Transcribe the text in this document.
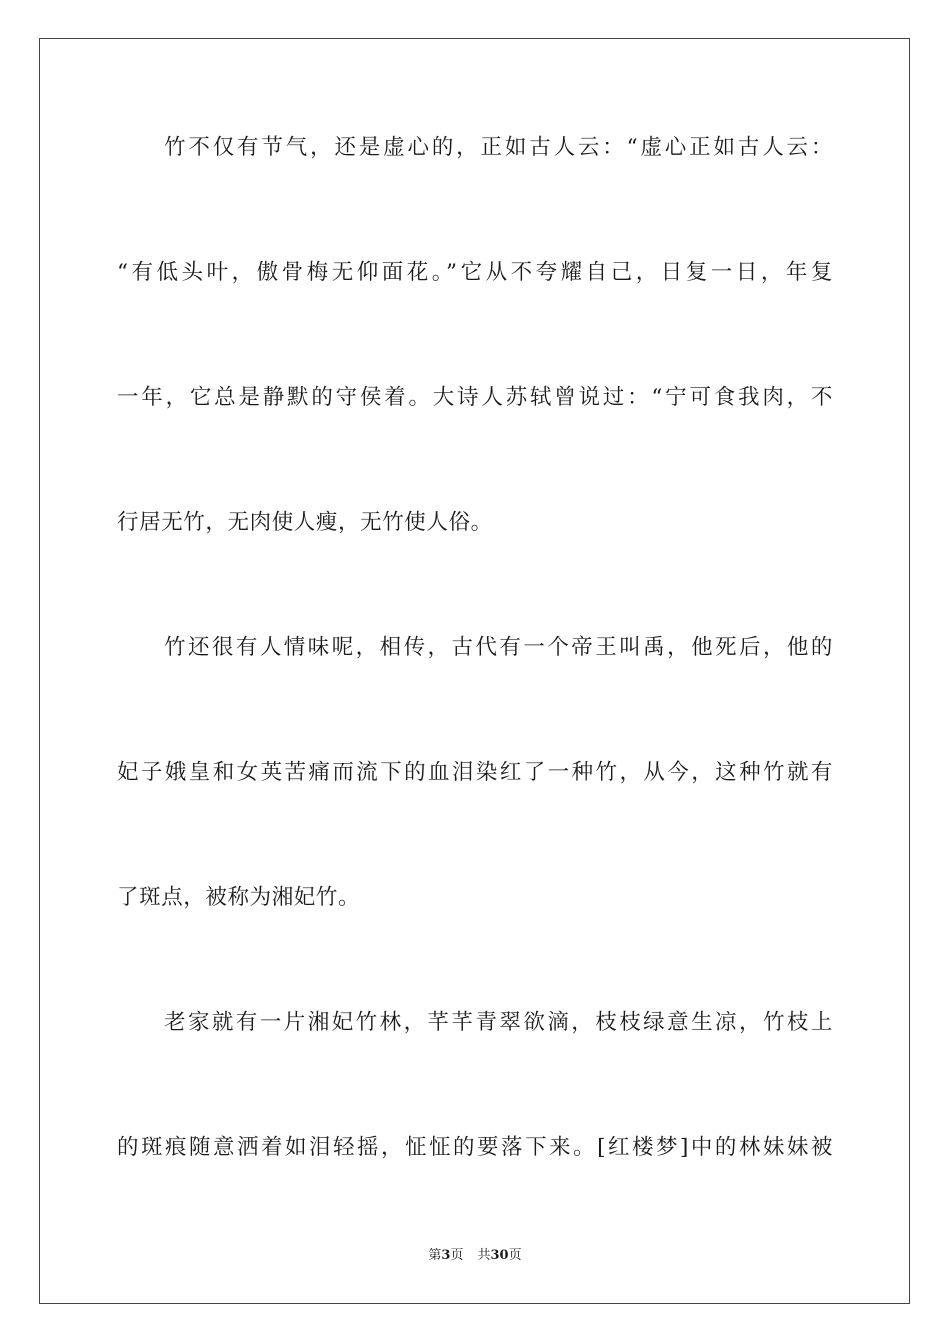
竹不仅有节气，还是虚心的，正如古人云：“虚心正如古人云：
“有低头叶，傲骨梅无仰面花。”它从不夸耀自己，日复一日，年复
一年，它总是静默的守侯着。大诗人苏轼曾说过：“宁可食我肉，不
行居无竹，无肉使人瘦，无竹使人俗。
竹还很有人情味呢，相传，古代有一个帝王叫禹，他死后，他的
妃子娥皇和女英苦痛而流下的血泪染红了一种竹，从今，这种竹就有
了斑点，被称为湘妃竹。
老家就有一片湘妃竹林，芊芊青翠欲滴，枝枝绿意生凉，竹枝上
的斑痕随意洒着如泪轻摇，怔怔的要落下来。[红楼梦]中的林妹妹被
第3页 共30页
